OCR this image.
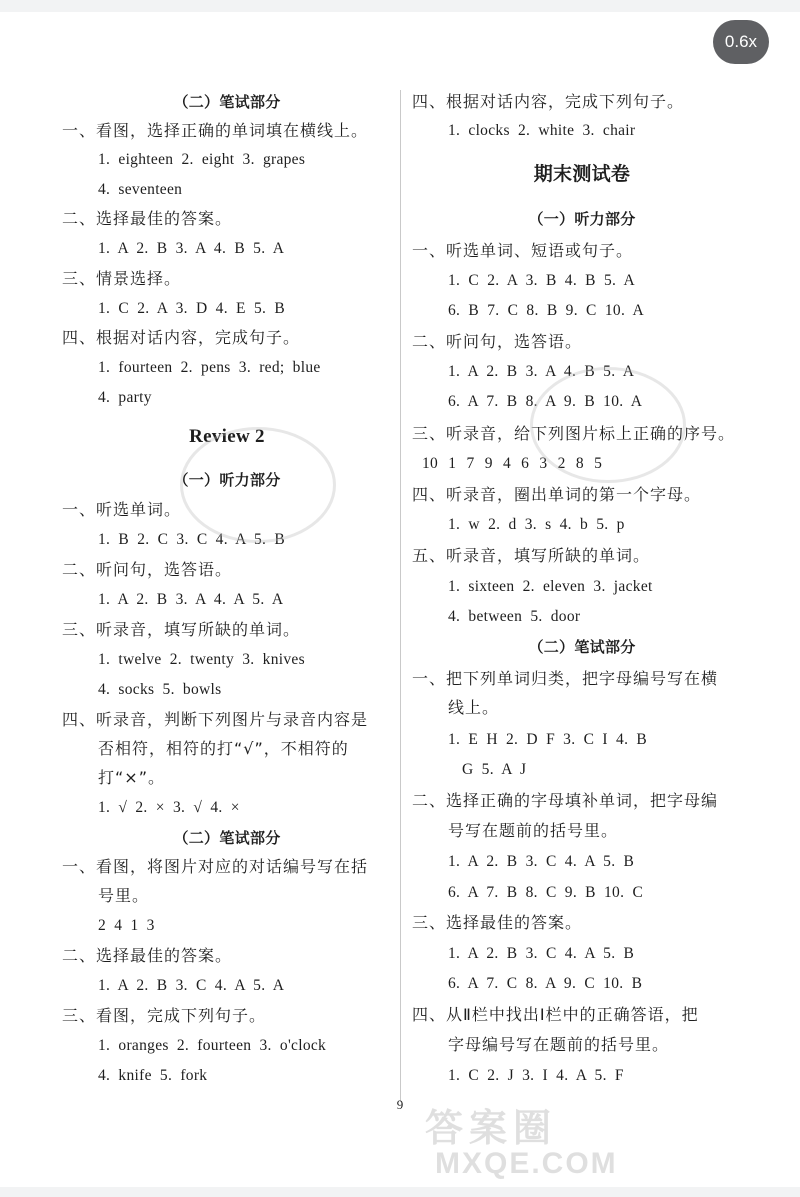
（二）笔试部分
一、看图，选择正确的单词填在横线上。
1. eighteen 2. eight 3. grapes
4. seventeen
二、选择最佳的答案。
1. A 2. B 3. A 4. B 5. A
三、情景选择。
1. C 2. A 3. D 4. E 5. B
四、根据对话内容，完成句子。
1. fourteen 2. pens 3. red; blue
4. party
Review 2
（一）听力部分
一、听选单词。
1. B 2. C 3. C 4. A 5. B
二、听问句，选答语。
1. A 2. B 3. A 4. A 5. A
三、听录音，填写所缺的单词。
1. twelve 2. twenty 3. knives
4. socks 5. bowls
四、听录音，判断下列图片与录音内容是
否相符，相符的打“√”，不相符的
打“×”。
1. √ 2. × 3. √ 4. ×
（二）笔试部分
一、看图，将图片对应的对话编号写在括
号里。
2 4 1 3
二、选择最佳的答案。
1. A 2. B 3. C 4. A 5. A
三、看图，完成下列句子。
1. oranges 2. fourteen 3. o'clock
4. knife 5. fork
四、根据对话内容，完成下列句子。
1. clocks 2. white 3. chair
期末测试卷
（一）听力部分
一、听选单词、短语或句子。
1. C 2. A 3. B 4. B 5. A
6. B 7. C 8. B 9. C 10. A
二、听问句，选答语。
1. A 2. B 3. A 4. B 5. A
6. A 7. B 8. A 9. B 10. A
三、听录音，给下列图片标上正确的序号。
10 1 7 9 4 6 3 2 8 5
四、听录音，圈出单词的第一个字母。
1. w 2. d 3. s 4. b 5. p
五、听录音，填写所缺的单词。
1. sixteen 2. eleven 3. jacket
4. between 5. door
（二）笔试部分
一、把下列单词归类，把字母编号写在横
线上。
1. E H 2. D F 3. C I 4. B
G 5. A J
二、选择正确的字母填补单词，把字母编
号写在题前的括号里。
1. A 2. B 3. C 4. A 5. B
6. A 7. B 8. C 9. B 10. C
三、选择最佳的答案。
1. A 2. B 3. C 4. A 5. B
6. A 7. C 8. A 9. C 10. B
四、从Ⅱ栏中找出Ⅰ栏中的正确答语，把
字母编号写在题前的括号里。
1. C 2. J 3. I 4. A 5. F
9
答案圈
MXQE.COM
0.6x
